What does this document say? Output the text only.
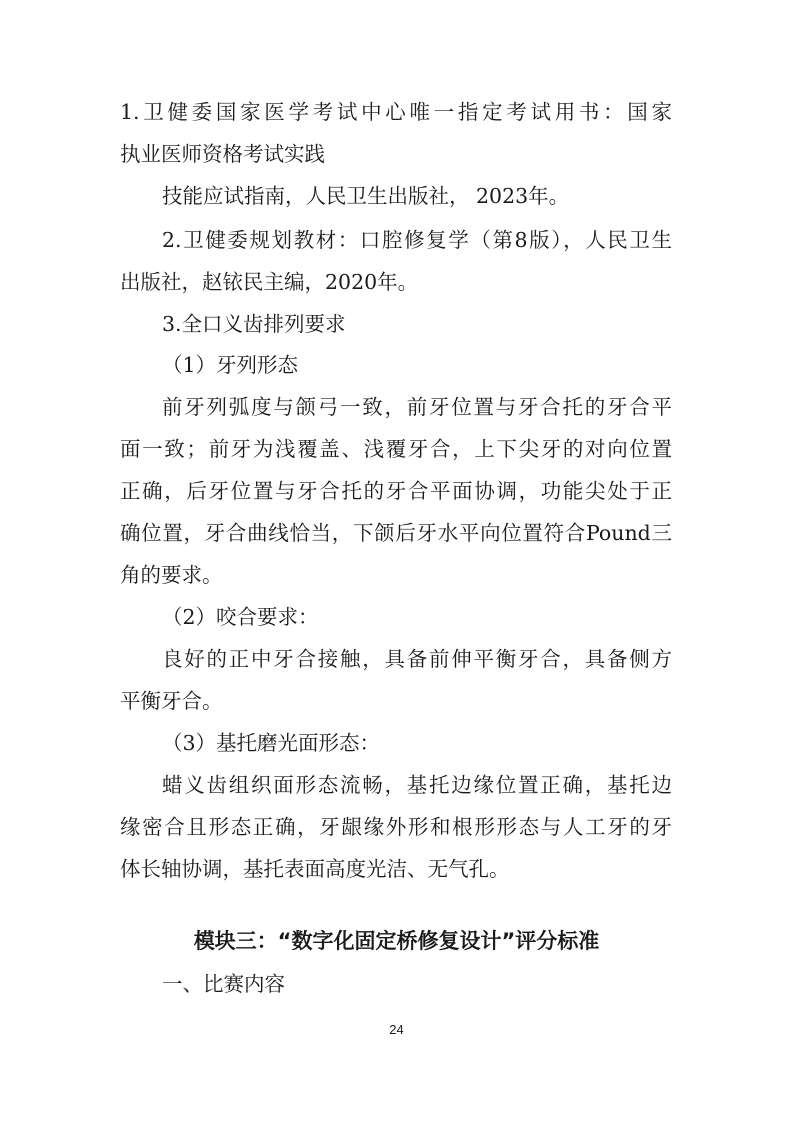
1.卫健委国家医学考试中心唯一指定考试用书：国家
执业医师资格考试实践
技能应试指南，人民卫生出版社， 2023年。
2.卫健委规划教材：口腔修复学（第8版），人民卫生
出版社，赵铱民主编，2020年。
3.全口义齿排列要求
（1）牙列形态
前牙列弧度与颌弓一致，前牙位置与牙合托的牙合平
面一致；前牙为浅覆盖、浅覆牙合，上下尖牙的对向位置
正确，后牙位置与牙合托的牙合平面协调，功能尖处于正
确位置，牙合曲线恰当，下颌后牙水平向位置符合Pound三
角的要求。
（2）咬合要求：
良好的正中牙合接触，具备前伸平衡牙合，具备侧方
平衡牙合。
（3）基托磨光面形态：
蜡义齿组织面形态流畅，基托边缘位置正确，基托边
缘密合且形态正确，牙龈缘外形和根形形态与人工牙的牙
体长轴协调，基托表面高度光洁、无气孔。
模块三：“数字化固定桥修复设计”评分标准
一、比赛内容
24
